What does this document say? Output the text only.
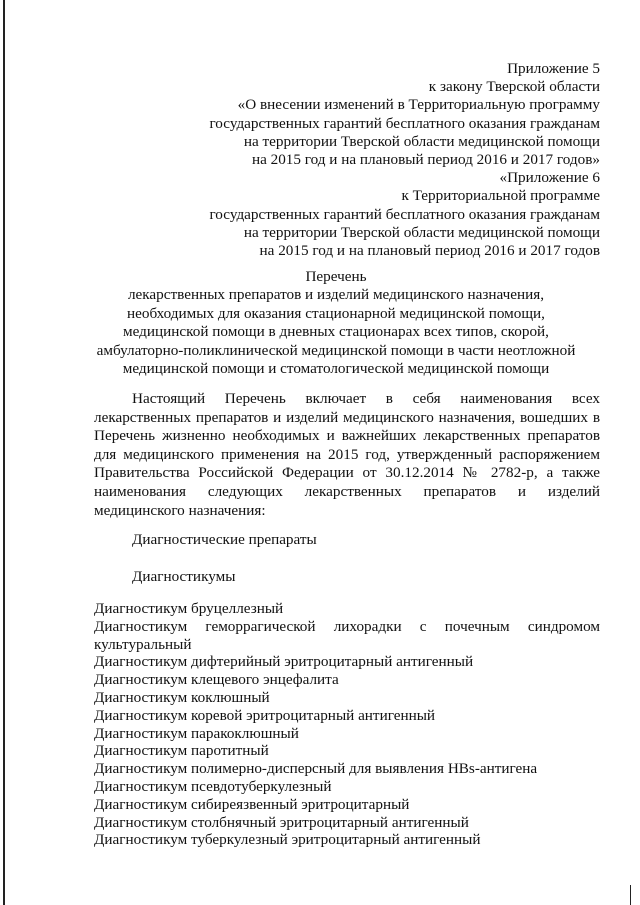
Приложение 5
к закону Тверской области
«О внесении изменений в Территориальную программу
государственных гарантий бесплатного оказания гражданам
на территории Тверской области медицинской помощи
на 2015 год и на плановый период 2016 и 2017 годов»
«Приложение 6
к Территориальной программе
государственных гарантий бесплатного оказания гражданам
на территории Тверской области медицинской помощи
на 2015 год и на плановый период 2016 и 2017 годов
Перечень
лекарственных препаратов и изделий медицинского назначения,
необходимых для оказания стационарной медицинской помощи,
медицинской помощи в дневных стационарах всех типов, скорой,
амбулаторно-поликлинической медицинской помощи в части неотложной
медицинской помощи и стоматологической медицинской помощи
Настоящий Перечень включает в себя наименования всех
лекарственных препаратов и изделий медицинского назначения, вошедших в
Перечень жизненно необходимых и важнейших лекарственных препаратов
для медицинского применения на 2015 год, утвержденный распоряжением
Правительства Российской Федерации от 30.12.2014 № 2782-р, а также
наименования следующих лекарственных препаратов и изделий
медицинского назначения:
Диагностические препараты
Диагностикумы
Диагностикум бруцеллезный
Диагностикум геморрагической лихорадки с почечным синдромом
культуральный
Диагностикум дифтерийный эритроцитарный антигенный
Диагностикум клещевого энцефалита
Диагностикум коклюшный
Диагностикум коревой эритроцитарный антигенный
Диагностикум паракоклюшный
Диагностикум паротитный
Диагностикум полимерно-дисперсный для выявления HBs-антигена
Диагностикум псевдотуберкулезный
Диагностикум сибиреязвенный эритроцитарный
Диагностикум столбнячный эритроцитарный антигенный
Диагностикум туберкулезный эритроцитарный антигенный
